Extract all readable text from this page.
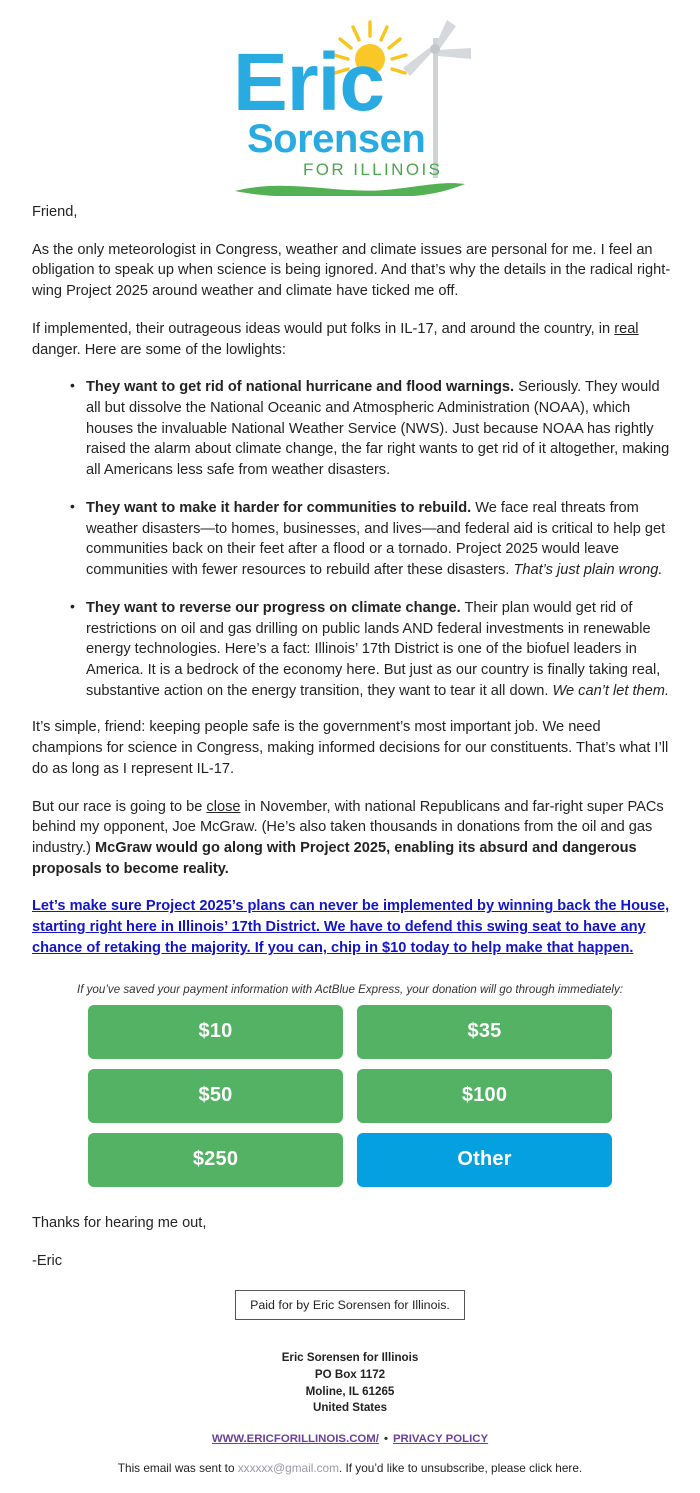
Eric
Sorensen
FOR ILLINOIS

Friend,

As the only meteorologist in Congress, weather and climate issues are personal for me. I feel an obligation to speak up when science is being ignored. And that’s why the details in the radical right-wing Project 2025 around weather and climate have ticked me off.

If implemented, their outrageous ideas would put folks in IL-17, and around the country, in real danger. Here are some of the lowlights:

• They want to get rid of national hurricane and flood warnings. Seriously. They would all but dissolve the National Oceanic and Atmospheric Administration (NOAA), which houses the invaluable National Weather Service (NWS). Just because NOAA has rightly raised the alarm about climate change, the far right wants to get rid of it altogether, making all Americans less safe from weather disasters.
• They want to make it harder for communities to rebuild. We face real threats from weather disasters—to homes, businesses, and lives—and federal aid is critical to help get communities back on their feet after a flood or a tornado. Project 2025 would leave communities with fewer resources to rebuild after these disasters. That’s just plain wrong.
• They want to reverse our progress on climate change. Their plan would get rid of restrictions on oil and gas drilling on public lands AND federal investments in renewable energy technologies. Here’s a fact: Illinois’ 17th District is one of the biofuel leaders in America. It is a bedrock of the economy here. But just as our country is finally taking real, substantive action on the energy transition, they want to tear it all down. We can’t let them.

It’s simple, friend: keeping people safe is the government’s most important job. We need champions for science in Congress, making informed decisions for our constituents. That’s what I’ll do as long as I represent IL-17.

But our race is going to be close in November, with national Republicans and far-right super PACs behind my opponent, Joe McGraw. (He’s also taken thousands in donations from the oil and gas industry.) McGraw would go along with Project 2025, enabling its absurd and dangerous proposals to become reality.

Let’s make sure Project 2025’s plans can never be implemented by winning back the House, starting right here in Illinois’ 17th District. We have to defend this swing seat to have any chance of retaking the majority. If you can, chip in $10 today to help make that happen.
If you’ve saved your payment information with ActBlue Express, your donation will go through immediately:
$10	$35
$50	$100
$250	Other

Thanks for hearing me out,

-Eric

Paid for by Eric Sorensen for Illinois.
Eric Sorensen for Illinois
PO Box 1172
Moline, IL 61265
United States
WWW.ERICFORILLINOIS.COM/ • PRIVACY POLICY
This email was sent to xxxxxx@gmail.com. If you’d like to unsubscribe, please click here.
